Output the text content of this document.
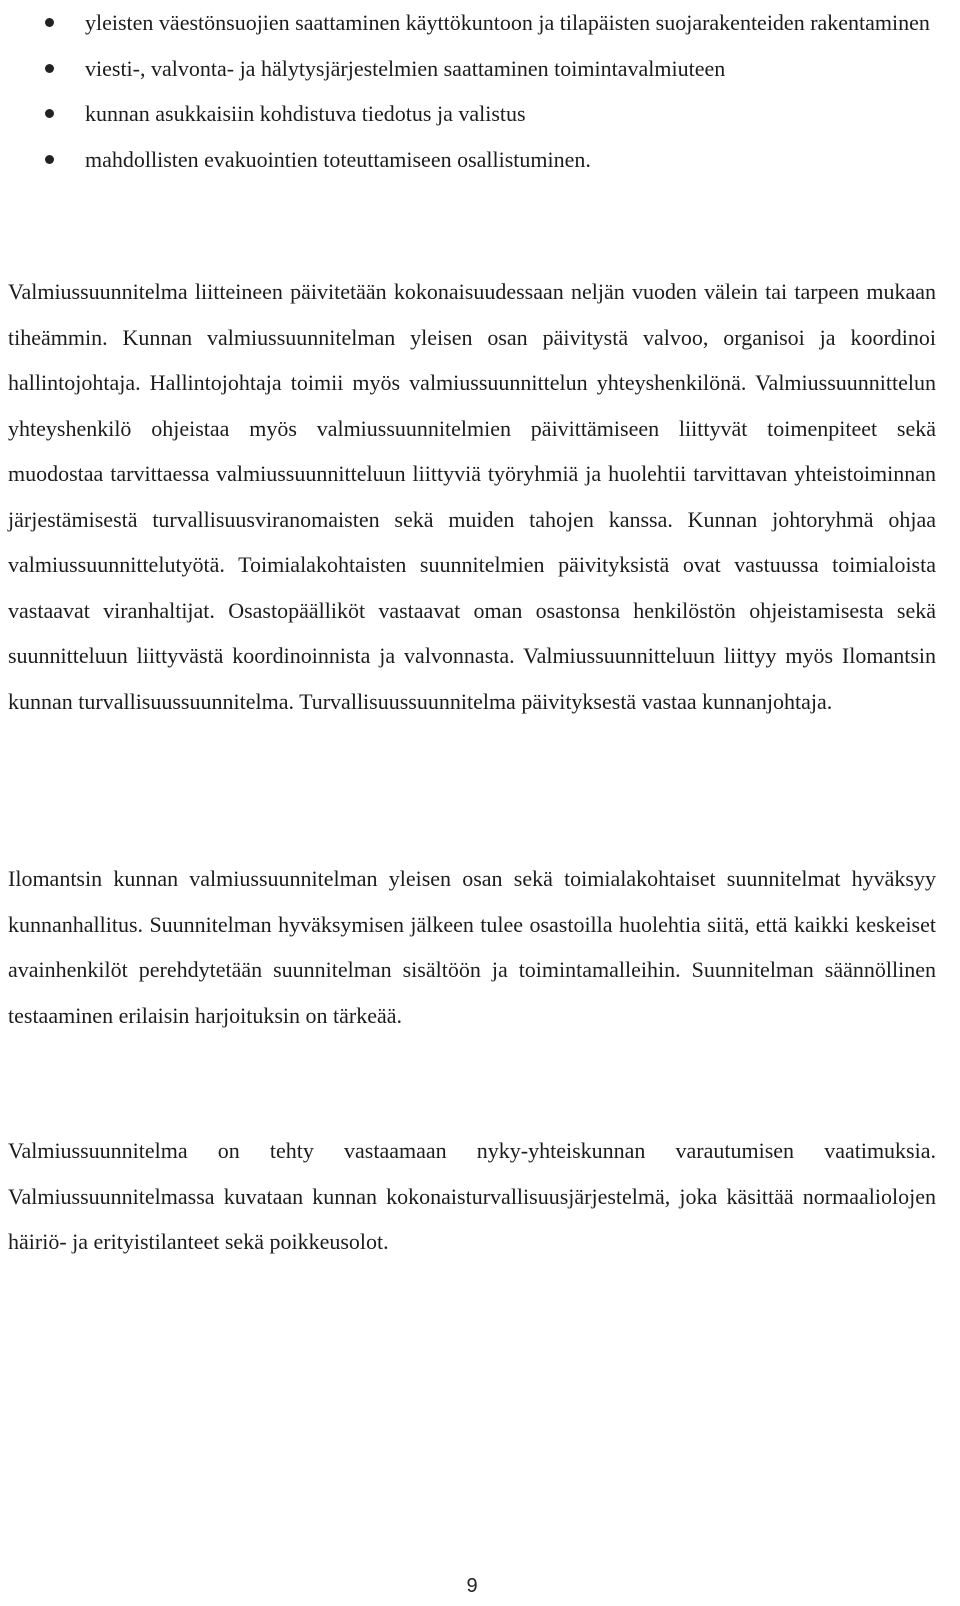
yleisten väestönsuojien saattaminen käyttökuntoon ja tilapäisten suojarakenteiden rakentaminen
viesti-, valvonta- ja hälytysjärjestelmien saattaminen toimintavalmiuteen
kunnan asukkaisiin kohdistuva tiedotus ja valistus
mahdollisten evakuointien toteuttamiseen osallistuminen.

Valmiussuunnitelma liitteineen päivitetään kokonaisuudessaan neljän vuoden välein tai tarpeen mukaan tiheämmin. Kunnan valmiussuunnitelman yleisen osan päivitystä valvoo, organisoi ja koordinoi hallintojohtaja. Hallintojohtaja toimii myös valmiussuunnittelun yhteyshenkilönä. Valmiussuunnittelun yhteyshenkilö ohjeistaa myös valmiussuunnitelmien päivittämiseen liittyvät toimenpiteet sekä muodostaa tarvittaessa valmiussuunnitteluun liittyviä työryhmiä ja huolehtii tarvittavan yhteistoiminnan järjestämisestä turvallisuusviranomaisten sekä muiden tahojen kanssa. Kunnan johtoryhmä ohjaa valmiussuunnittelutyötä. Toimialakohtaisten suunnitelmien päivityksistä ovat vastuussa toimialoista vastaavat viranhaltijat. Osastopäälliköt vastaavat oman osastonsa henkilöstön ohjeistamisesta sekä suunnitteluun liittyvästä koordinoinnista ja valvonnasta. Valmiussuunnitteluun liittyy myös Ilomantsin kunnan turvallisuussuunnitelma. Turvallisuussuunnitelma päivityksestä vastaa kunnanjohtaja.

Ilomantsin kunnan valmiussuunnitelman yleisen osan sekä toimialakohtaiset suunnitelmat hyväksyy kunnanhallitus. Suunnitelman hyväksymisen jälkeen tulee osastoilla huolehtia siitä, että kaikki keskeiset avainhenkilöt perehdytetään suunnitelman sisältöön ja toimintamalleihin. Suunnitelman säännöllinen testaaminen erilaisin harjoituksin on tärkeää.

Valmiussuunnitelma on tehty vastaamaan nyky-yhteiskunnan varautumisen vaatimuksia. Valmiussuunnitelmassa kuvataan kunnan kokonaisturvallisuusjärjestelmä, joka käsittää normaaliolojen häiriö- ja erityistilanteet sekä poikkeusolot.

9
